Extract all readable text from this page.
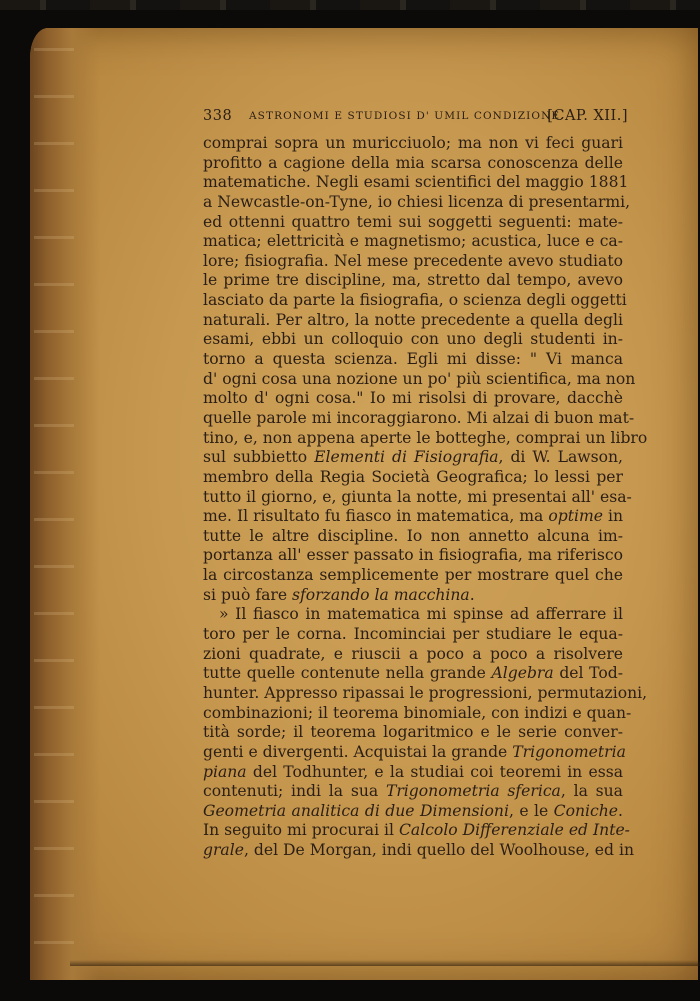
338 ASTRONOMI E STUDIOSI D' UMIL CONDIZIONE.
[CAP. XII.]
comprai sopra un muricciuolo; ma non vi feci guari
profitto a cagione della mia scarsa conoscenza delle
matematiche. Negli esami scientifici del maggio 1881
a Newcastle-on-Tyne, io chiesi licenza di presentarmi,
ed ottenni quattro temi sui soggetti seguenti: mate-
matica; elettricità e magnetismo; acustica, luce e ca-
lore; fisiografia. Nel mese precedente avevo studiato
le prime tre discipline, ma, stretto dal tempo, avevo
lasciato da parte la fisiografia, o scienza degli oggetti
naturali. Per altro, la notte precedente a quella degli
esami, ebbi un colloquio con uno degli studenti in-
torno a questa scienza. Egli mi disse: " Vi manca
d' ogni cosa una nozione un po' più scientifica, ma non
molto d' ogni cosa." Io mi risolsi di provare, dacchè
quelle parole mi incoraggiarono. Mi alzai di buon mat-
tino, e, non appena aperte le botteghe, comprai un libro
sul subbietto Elementi di Fisiografia, di W. Lawson,
membro della Regia Società Geografica; lo lessi per
tutto il giorno, e, giunta la notte, mi presentai all' esa-
me. Il risultato fu fiasco in matematica, ma optime in
tutte le altre discipline. Io non annetto alcuna im-
portanza all' esser passato in fisiografia, ma riferisco
la circostanza semplicemente per mostrare quel che
si può fare sforzando la macchina.
» Il fiasco in matematica mi spinse ad afferrare il
toro per le corna. Incominciai per studiare le equa-
zioni quadrate, e riuscii a poco a poco a risolvere
tutte quelle contenute nella grande Algebra del Tod-
hunter. Appresso ripassai le progressioni, permutazioni,
combinazioni; il teorema binomiale, con indizi e quan-
tità sorde; il teorema logaritmico e le serie conver-
genti e divergenti. Acquistai la grande Trigonometria
piana del Todhunter, e la studiai coi teoremi in essa
contenuti; indi la sua Trigonometria sferica, la sua
Geometria analitica di due Dimensioni, e le Coniche.
In seguito mi procurai il Calcolo Differenziale ed Inte-
grale, del De Morgan, indi quello del Woolhouse, ed in
